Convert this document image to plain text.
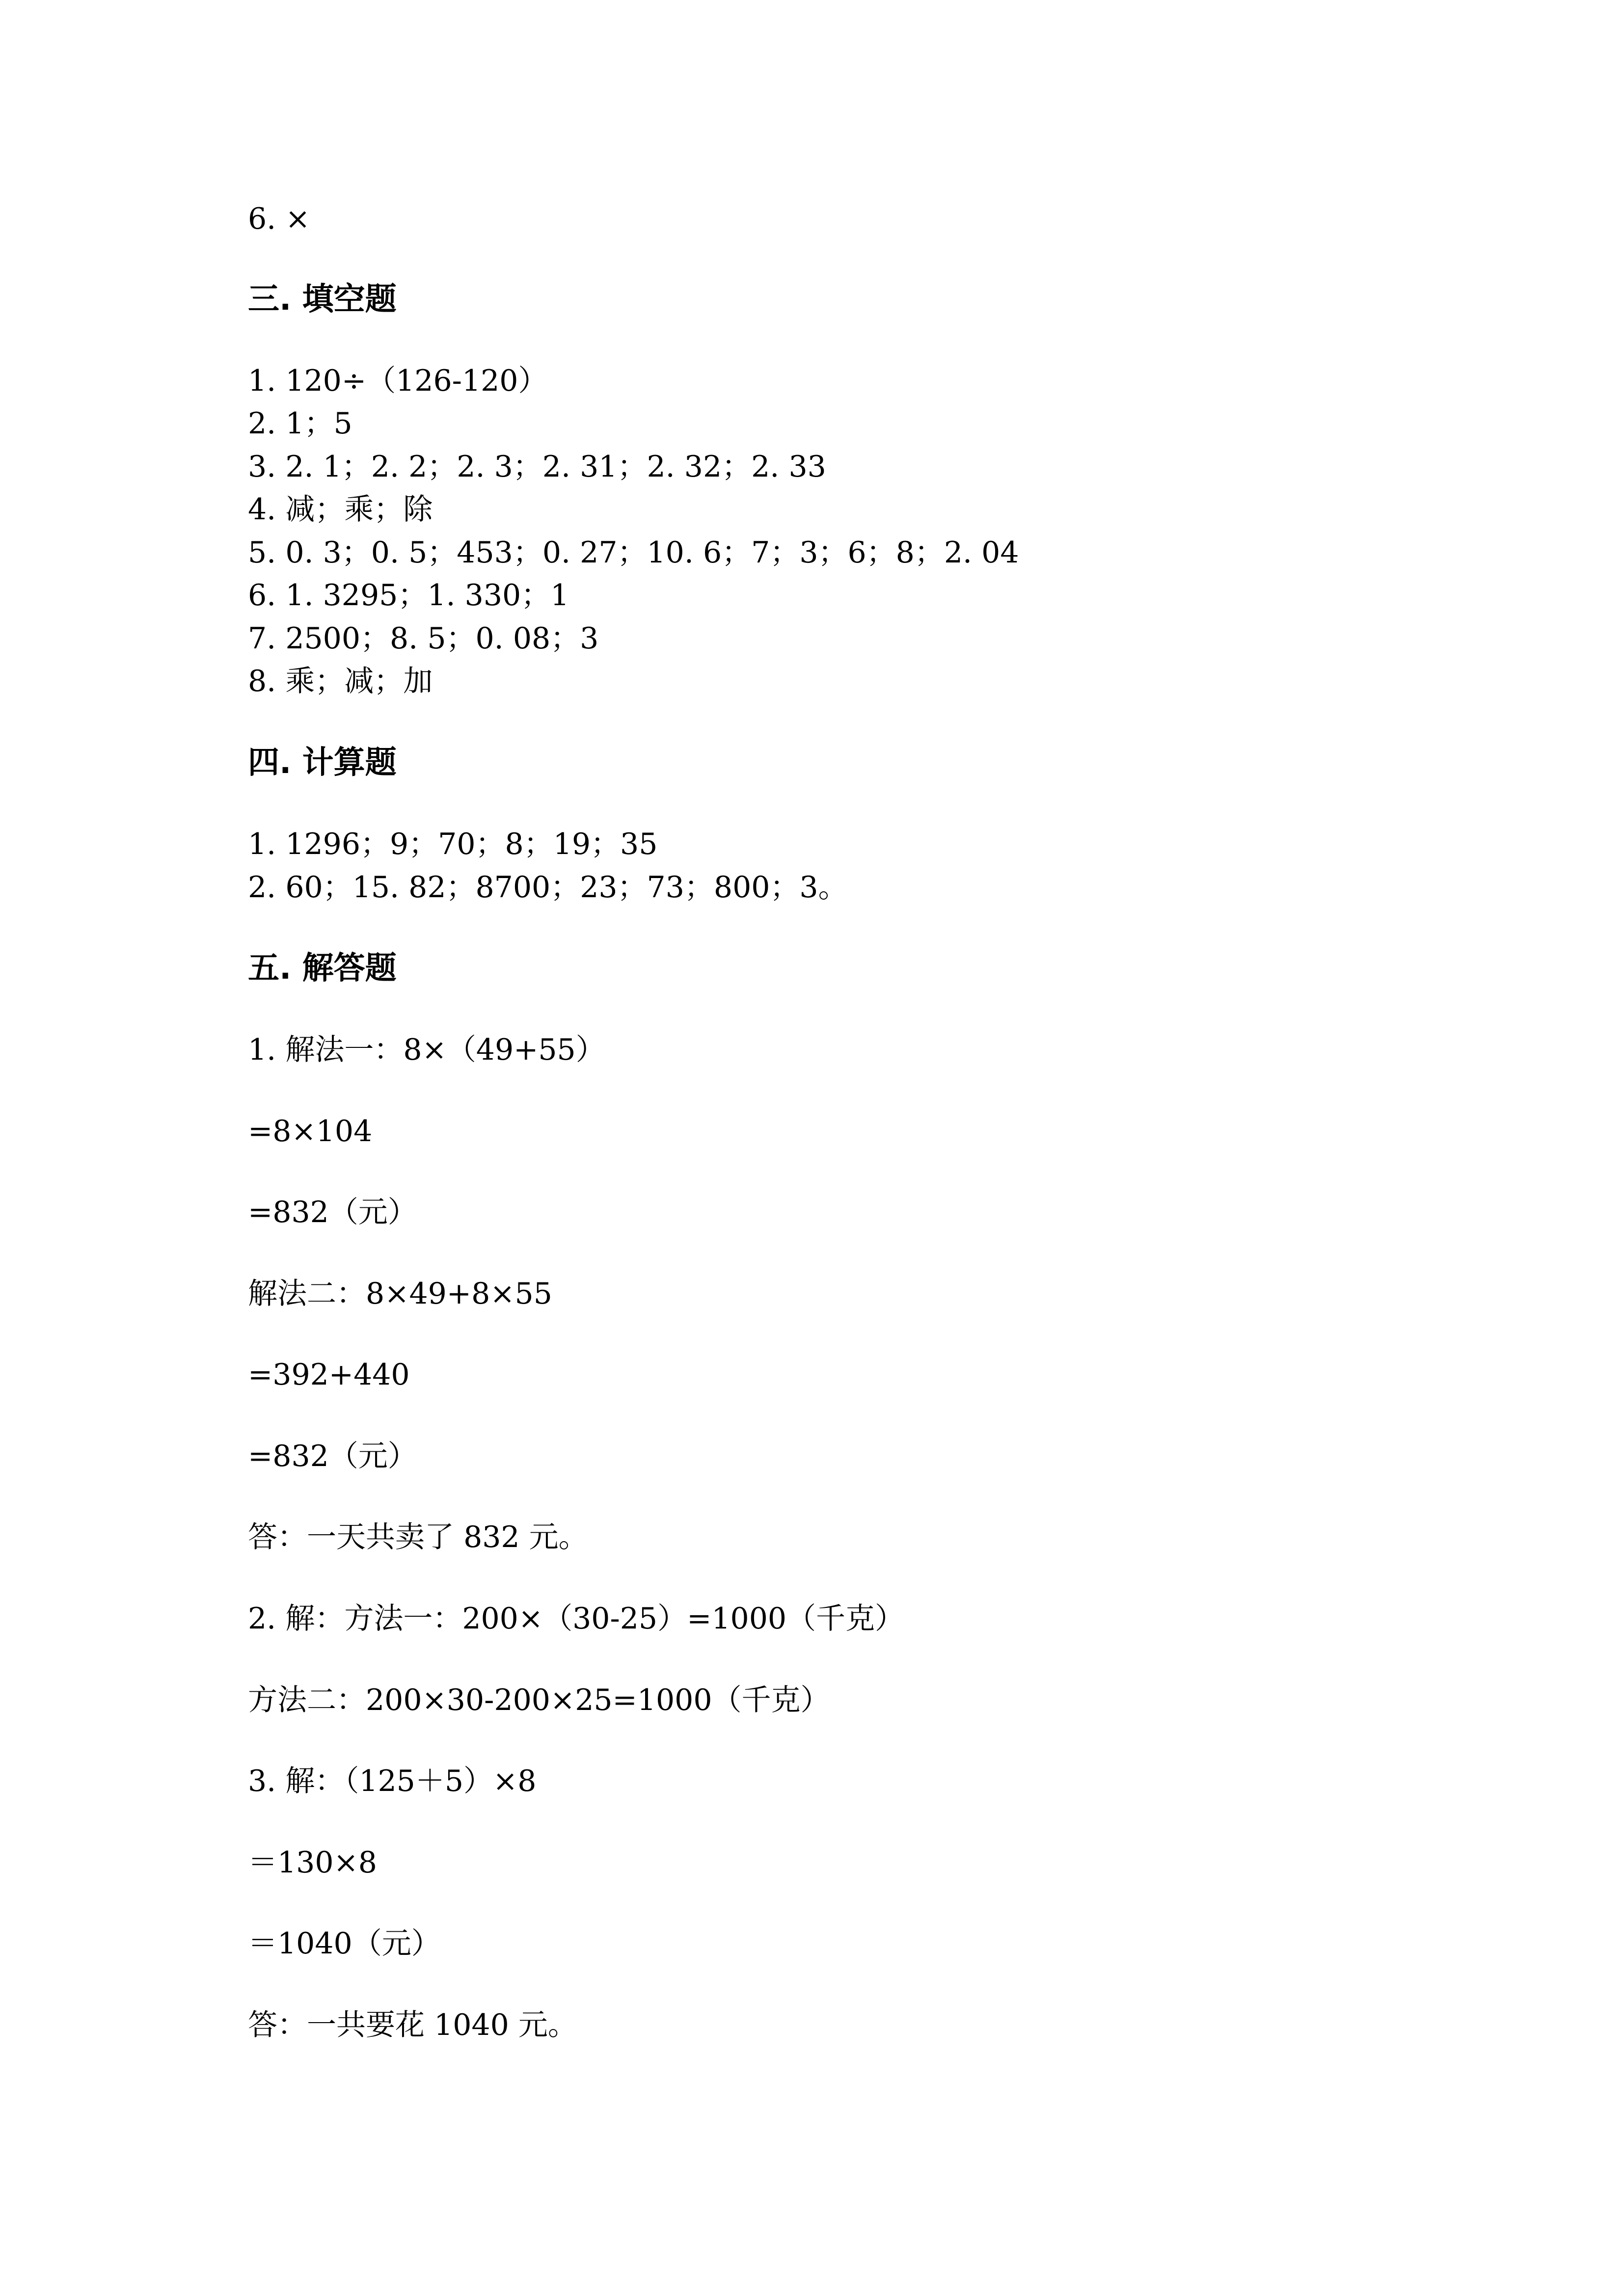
6. ×
三. 填空题
1. 120÷（126-120）
2. 1；5
3. 2. 1；2. 2；2. 3；2. 31；2. 32；2. 33
4. 减；乘；除
5. 0. 3；0. 5；453；0. 27；10. 6；7；3；6；8；2. 04
6. 1. 3295；1. 330；1
7. 2500；8. 5；0. 08；3
8. 乘；减；加
四. 计算题
1. 1296；9；70；8；19；35
2. 60；15. 82；8700；23；73；800；3。
五. 解答题
1. 解法一：8×（49+55）
=8×104
=832（元）
解法二：8×49+8×55
=392+440
=832（元）
答：一天共卖了 832 元。
2. 解：方法一：200×（30-25）=1000（千克）
方法二：200×30-200×25=1000（千克）
3. 解：（125＋5）×8
＝130×8
＝1040（元）
答：一共要花 1040 元。
